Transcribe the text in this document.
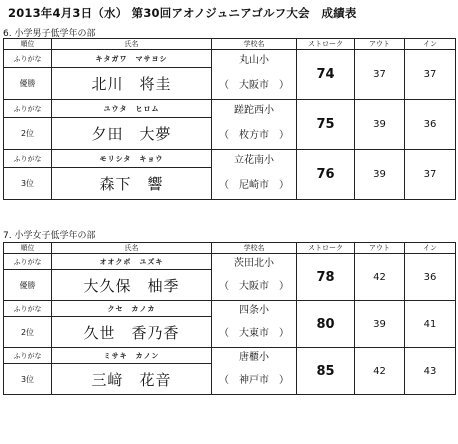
2013年4月3日（水） 第30回アオノジュニアゴルフ大会　成績表
6. 小学男子低学年の部
順位	氏名	学校名	ストローク	アウト	イン
ふりがな	キタガワ　マサヨシ	丸山小	74	37	37
優勝	北川　将圭	（　大阪市　）			
ふりがな	ユウタ　ヒロム	蹉跎西小	75	39	36
2位	夕田　大夢	（　枚方市　）			
ふりがな	モリシタ　キョウ	立花南小	76	39	37
3位	森下　響	（　尼崎市　）			
7. 小学女子低学年の部
順位	氏名	学校名	ストローク	アウト	イン
ふりがな	オオクボ　ユズキ	茨田北小	78	42	36
優勝	大久保　柚季	（　大阪市　）			
ふりがな	クセ　カノカ	四条小	80	39	41
2位	久世　香乃香	（　大東市　）			
ふりがな	ミサキ　カノン	唐櫃小	85	42	43
3位	三﨑　花音	（　神戸市　）			
